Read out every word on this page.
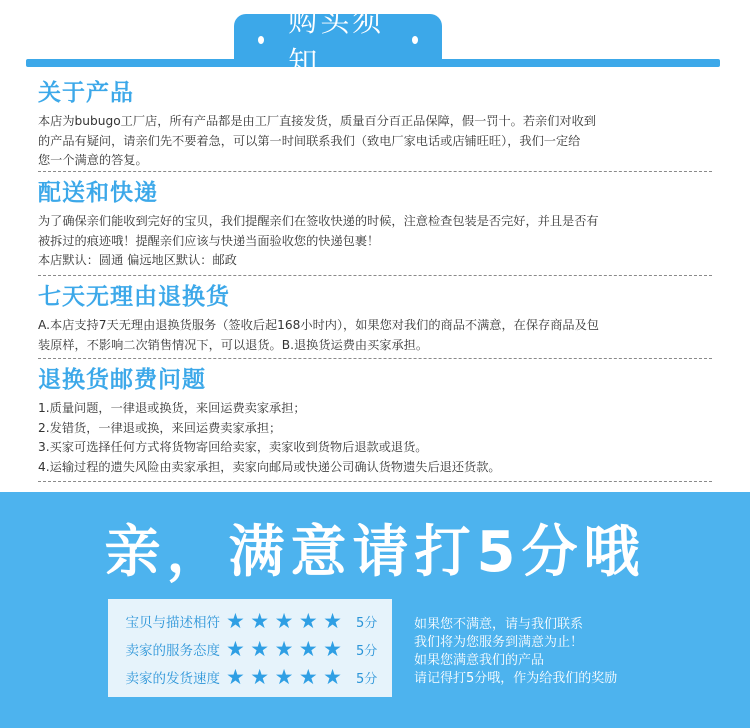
购买须知
关于产品

本店为bubugo工厂店，所有产品都是由工厂直接发货，质量百分百正品保障，假一罚十。若亲们对收到

的产品有疑问，请亲们先不要着急，可以第一时间联系我们（致电厂家电话或店铺旺旺），我们一定给

您一个满意的答复。

配送和快递

为了确保亲们能收到完好的宝贝，我们提醒亲们在签收快递的时候，注意检查包装是否完好，并且是否有

被拆过的痕迹哦！提醒亲们应该与快递当面验收您的快递包裹！

本店默认：圆通 偏远地区默认：邮政

七天无理由退换货

A.本店支持7天无理由退换货服务（签收后起168小时内），如果您对我们的商品不满意，在保存商品及包

装原样，不影响二次销售情况下，可以退货。B.退换货运费由买家承担。

退换货邮费问题

1.质量问题，一律退或换货，来回运费卖家承担；

2.发错货，一律退或换，来回运费卖家承担；

3.买家可选择任何方式将货物寄回给卖家，卖家收到货物后退款或退货。

4.运输过程的遗失风险由卖家承担，卖家向邮局或快递公司确认货物遗失后退还货款。

亲，满意请打5分哦
宝贝与描述相符 ★ ★ ★ ★ ★ 5分
卖家的服务态度 ★ ★ ★ ★ ★ 5分
卖家的发货速度 ★ ★ ★ ★ ★ 5分

如果您不满意，请与我们联系

我们将为您服务到满意为止！

如果您满意我们的产品

请记得打5分哦，作为给我们的奖励
